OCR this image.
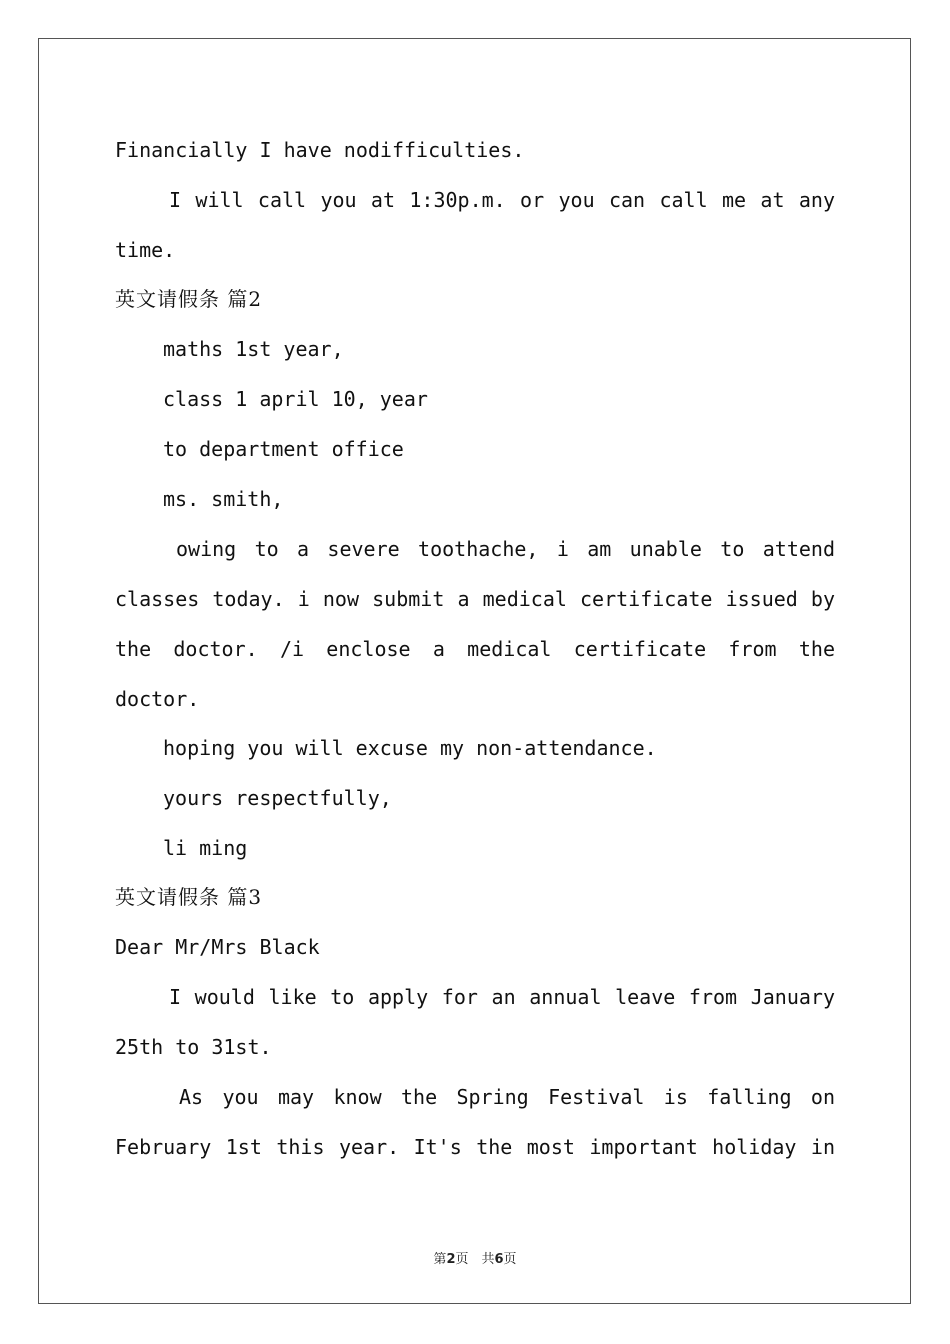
Financially I have nodifficulties.
I will call you at 1:30p.m. or you can call me at any
time.
英文请假条 篇2
maths 1st year,
class 1 april 10, year
to department office
ms. smith,
owing to a severe toothache, i am unable to attend
classes today. i now submit a medical certificate issued by
the doctor. /i enclose a medical certificate from the
doctor.
hoping you will excuse my non-attendance.
yours respectfully,
li ming
英文请假条 篇3
Dear Mr/Mrs Black
I would like to apply for an annual leave from January
25th to 31st.
As you may know the Spring Festival is falling on
February 1st this year. It's the most important holiday in
第2页　共6页
